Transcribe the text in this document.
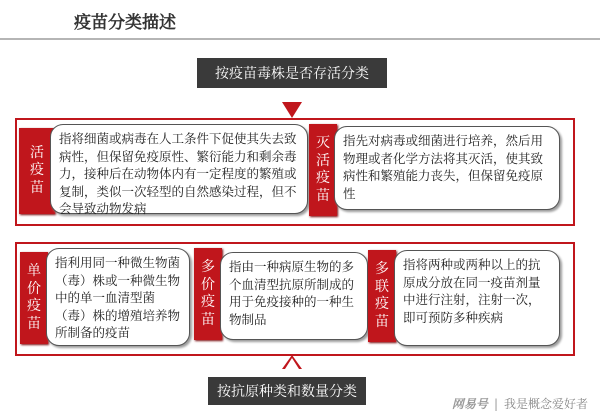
疫苗分类描述
按疫苗毒株是否存活分类
活
疫
苗
指将细菌或病毒在人工条件下促使其失去致病性，但保留免疫原性、繁衍能力和剩余毒力，接种后在动物体内有一定程度的繁殖或复制，类似一次轻型的自然感染过程，但不会导致动物发病
灭
活
疫
苗
指先对病毒或细菌进行培养，然后用物理或者化学方法将其灭活，使其致病性和繁殖能力丧失，但保留免疫原性
单
价
疫
苗
指利用同一种微生物菌（毒）株或一种微生物中的单一血清型菌（毒）株的增殖培养物所制备的疫苗
多
价
疫
苗
指由一种病原生物的多个血清型抗原所制成的用于免疫接种的一种生物制品
多
联
疫
苗
指将两种或两种以上的抗原成分放在同一疫苗剂量中进行注射，注射一次，即可预防多种疾病
按抗原种类和数量分类
网易号 | 我是概念爱好者
